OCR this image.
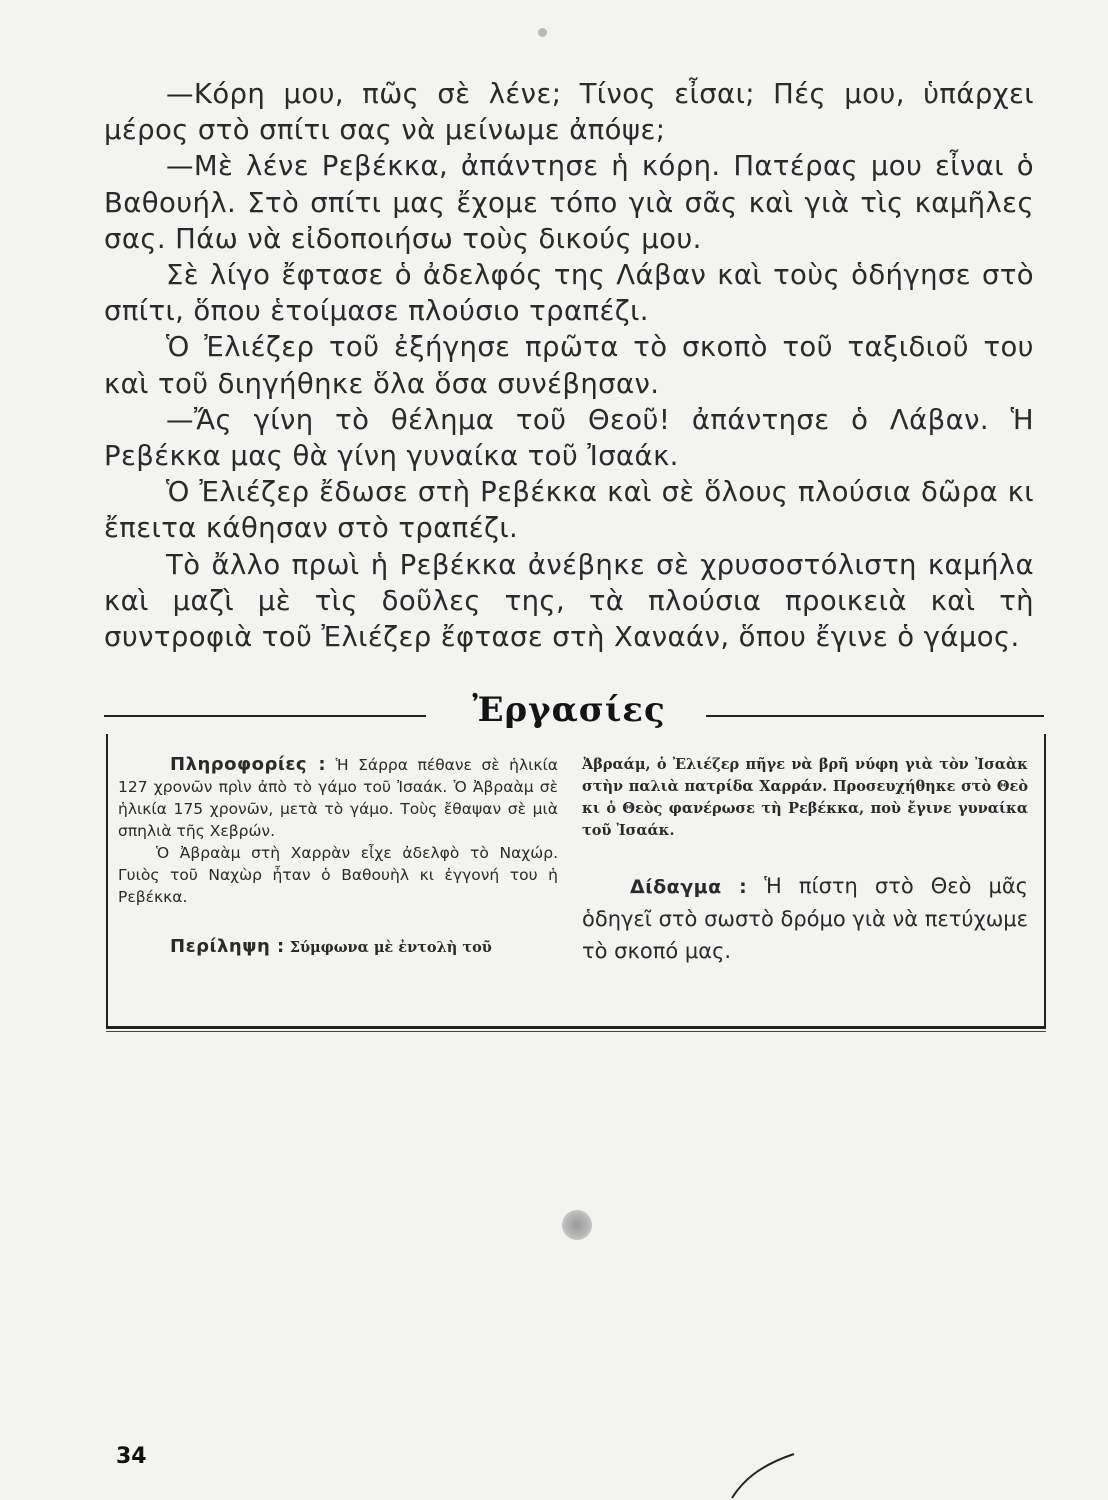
—Κόρη μου, πῶς σὲ λένε; Τίνος εἶσαι; Πές μου, ὑπάρχει μέρος στὸ σπίτι σας νὰ μείνωμε ἀπόψε;

—Μὲ λένε Ρεβέκκα, ἀπάντησε ἡ κόρη. Πατέρας μου εἶναι ὁ Βαθουήλ. Στὸ σπίτι μας ἔχομε τόπο γιὰ σᾶς καὶ γιὰ τὶς καμῆλες σας. Πάω νὰ εἰδοποιήσω τοὺς δικούς μου.

Σὲ λίγο ἔφτασε ὁ ἀδελφός της Λάβαν καὶ τοὺς ὁδήγησε στὸ σπίτι, ὅπου ἑτοίμασε πλούσιο τραπέζι.

Ὁ Ἐλιέζερ τοῦ ἐξήγησε πρῶτα τὸ σκοπὸ τοῦ ταξιδιοῦ του καὶ τοῦ διηγήθηκε ὅλα ὅσα συνέβησαν.

—Ἄς γίνη τὸ θέλημα τοῦ Θεοῦ! ἀπάντησε ὁ Λάβαν. Ἡ Ρεβέκκα μας θὰ γίνη γυναίκα τοῦ Ἰσαάκ.

Ὁ Ἐλιέζερ ἔδωσε στὴ Ρεβέκκα καὶ σὲ ὅλους πλούσια δῶρα κι ἔπειτα κάθησαν στὸ τραπέζι.

Τὸ ἄλλο πρωὶ ἡ Ρεβέκκα ἀνέβηκε σὲ χρυσοστόλιστη καμήλα καὶ μαζὶ μὲ τὶς δοῦλες της, τὰ πλούσια προικειὰ καὶ τὴ συντροφιὰ τοῦ Ἐλιέζερ ἔφτασε στὴ Χαναάν, ὅπου ἔγινε ὁ γάμος.

Ἐργασίες

Πληροφορίες : Ἡ Σάρρα πέθανε σὲ ἡλικία 127 χρονῶν πρὶν ἀπὸ τὸ γάμο τοῦ Ἰσαάκ. Ὁ Ἀβραὰμ σὲ ἡλικία 175 χρονῶν, μετὰ τὸ γάμο. Τοὺς ἔθαψαν σὲ μιὰ σπηλιὰ τῆς Χεβρών.

Ὁ Ἀβραὰμ στὴ Χαρρὰν εἶχε ἀδελφὸ τὸ Ναχώρ. Γυιὸς τοῦ Ναχὼρ ἦταν ὁ Βαθουὴλ κι ἐγγονή του ἡ Ρεβέκκα.

Περίληψη : Σύμφωνα μὲ ἐντολὴ τοῦ

Ἀβραάμ, ὁ Ἐλιέζερ πῆγε νὰ βρῆ νύφη γιὰ τὸν Ἰσαὰκ στὴν παλιὰ πατρίδα Χαρράν. Προσευχήθηκε στὸ Θεὸ κι ὁ Θεὸς φανέρωσε τὴ Ρεβέκκα, ποὺ ἔγινε γυναίκα τοῦ Ἰσαάκ.

Δίδαγμα : Ἡ πίστη στὸ Θεὸ μᾶς ὁδηγεῖ στὸ σωστὸ δρόμο γιὰ νὰ πετύχωμε τὸ σκοπό μας.

34
